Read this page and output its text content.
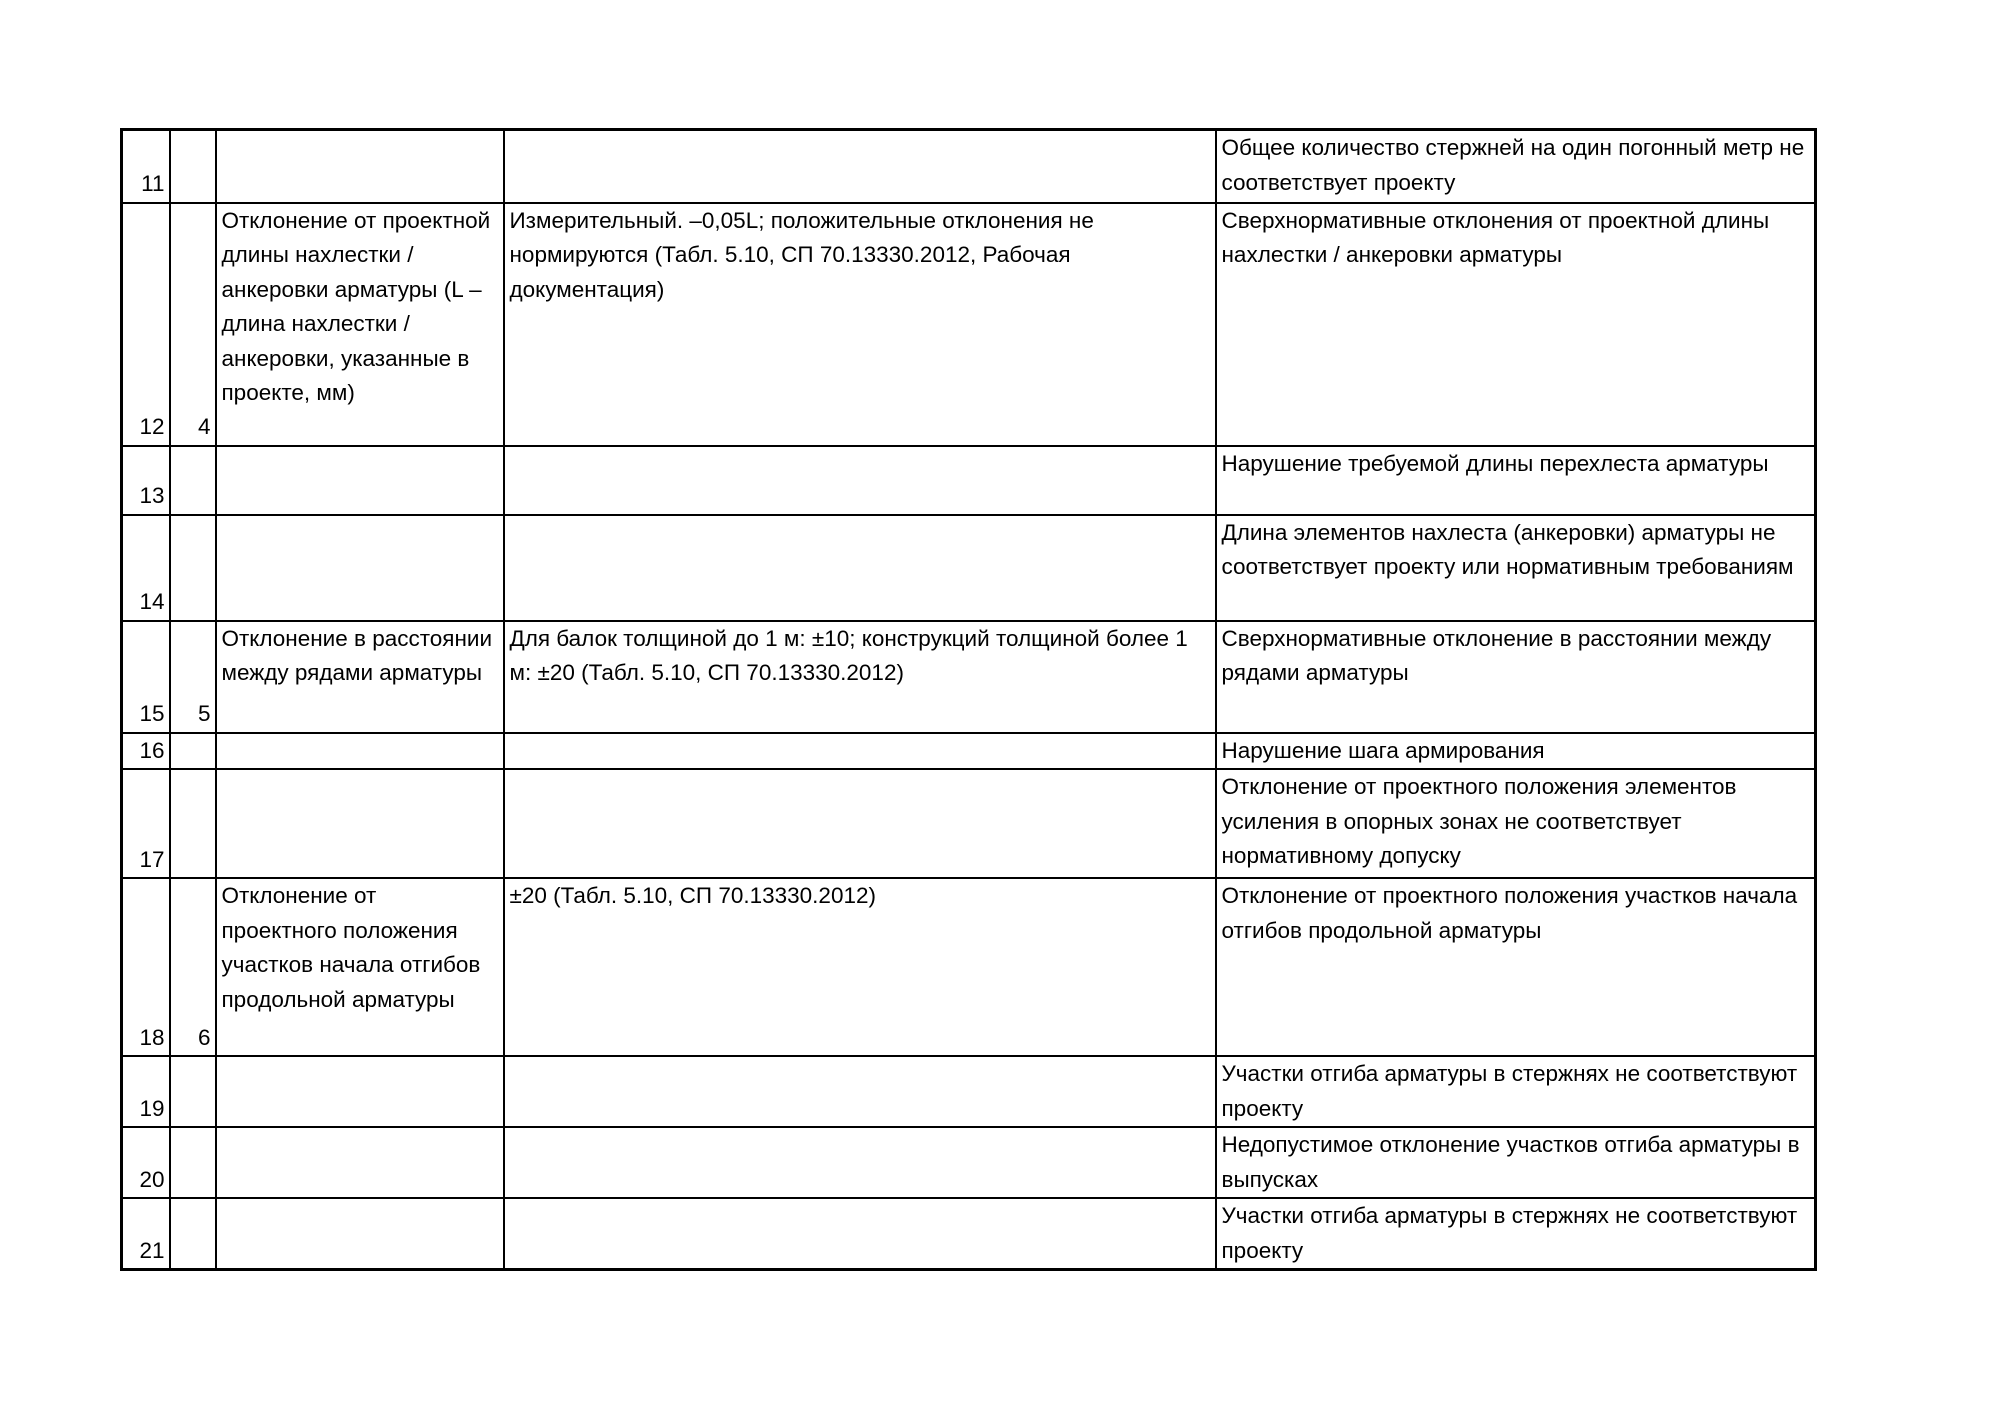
11				Общее количество стержней на один погонный метр не соответствует проекту
12	4	Отклонение от проектной длины нахлестки / анкеровки арматуры (L – длина нахлестки / анкеровки, указанные в проекте, мм)	Измерительный. –0,05L; положительные отклонения не нормируются (Табл. 5.10, СП 70.13330.2012, Рабочая документация)	Сверхнормативные отклонения от проектной длины нахлестки / анкеровки арматуры
13				Нарушение требуемой длины перехлеста арматуры
14				Длина элементов нахлеста (анкеровки) арматуры не соответствует проекту или нормативным требованиям
15	5	Отклонение в расстоянии между рядами арматуры	Для балок толщиной до 1 м: ±10; конструкций толщиной более 1 м: ±20 (Табл. 5.10, СП 70.13330.2012)	Сверхнормативные отклонение в расстоянии между рядами арматуры
16				Нарушение шага армирования
17				Отклонение от проектного положения элементов усиления в опорных зонах не соответствует нормативному допуску
18	6	Отклонение от проектного положения участков начала отгибов продольной арматуры	±20 (Табл. 5.10, СП 70.13330.2012)	Отклонение от проектного положения участков начала отгибов продольной арматуры
19				Участки отгиба арматуры в стержнях не соответствуют проекту
20				Недопустимое отклонение участков отгиба арматуры в выпусках
21				Участки отгиба арматуры в стержнях не соответствуют проекту
